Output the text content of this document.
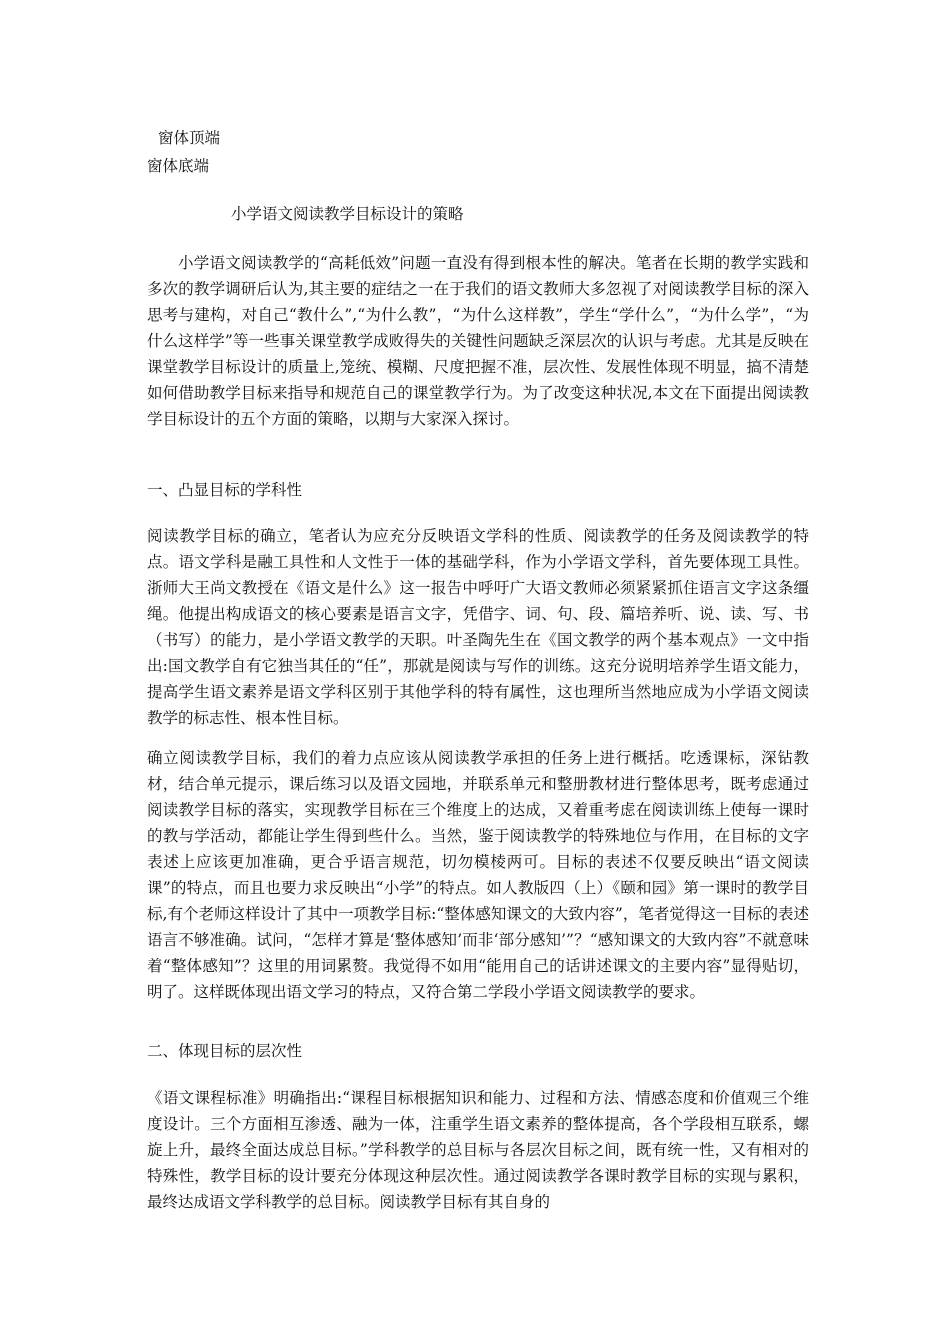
窗体顶端
窗体底端
小学语文阅读教学目标设计的策略
小学语文阅读教学的“高耗低效”问题一直没有得到根本性的解决。笔者在长期的教学实践和多次的教学调研后认为,其主要的症结之一在于我们的语文教师大多忽视了对阅读教学目标的深入思考与建构，对自己“教什么”,“为什么教”，“为什么这样教”，学生“学什么”，“为什么学”，“为什么这样学”等一些事关课堂教学成败得失的关键性问题缺乏深层次的认识与考虑。尤其是反映在课堂教学目标设计的质量上,笼统、模糊、尺度把握不准，层次性、发展性体现不明显，搞不清楚如何借助教学目标来指导和规范自己的课堂教学行为。为了改变这种状况,本文在下面提出阅读教学目标设计的五个方面的策略，以期与大家深入探讨。
一、凸显目标的学科性
阅读教学目标的确立，笔者认为应充分反映语文学科的性质、阅读教学的任务及阅读教学的特点。语文学科是融工具性和人文性于一体的基础学科，作为小学语文学科，首先要体现工具性。浙师大王尚文教授在《语文是什么》这一报告中呼吁广大语文教师必须紧紧抓住语言文字这条缰绳。他提出构成语文的核心要素是语言文字，凭借字、词、句、段、篇培养听、说、读、写、书（书写）的能力，是小学语文教学的天职。叶圣陶先生在《国文教学的两个基本观点》一文中指出:国文教学自有它独当其任的“任”，那就是阅读与写作的训练。这充分说明培养学生语文能力，提高学生语文素养是语文学科区别于其他学科的特有属性，这也理所当然地应成为小学语文阅读教学的标志性、根本性目标。
确立阅读教学目标，我们的着力点应该从阅读教学承担的任务上进行概括。吃透课标，深钻教材，结合单元提示，课后练习以及语文园地，并联系单元和整册教材进行整体思考，既考虑通过阅读教学目标的落实，实现教学目标在三个维度上的达成，又着重考虑在阅读训练上使每一课时的教与学活动，都能让学生得到些什么。当然，鉴于阅读教学的特殊地位与作用，在目标的文字表述上应该更加准确，更合乎语言规范，切勿模棱两可。目标的表述不仅要反映出“语文阅读课”的特点，而且也要力求反映出“小学”的特点。如人教版四（上）《颐和园》第一课时的教学目标,有个老师这样设计了其中一项教学目标:“整体感知课文的大致内容”，笔者觉得这一目标的表述语言不够准确。试问，“怎样才算是‘整体感知’而非‘部分感知’”？“感知课文的大致内容”不就意味着“整体感知”？这里的用词累赘。我觉得不如用“能用自己的话讲述课文的主要内容”显得贴切，明了。这样既体现出语文学习的特点，又符合第二学段小学语文阅读教学的要求。
二、体现目标的层次性
《语文课程标准》明确指出:“课程目标根据知识和能力、过程和方法、情感态度和价值观三个维度设计。三个方面相互渗透、融为一体，注重学生语文素养的整体提高，各个学段相互联系，螺旋上升，最终全面达成总目标。”学科教学的总目标与各层次目标之间，既有统一性，又有相对的特殊性，教学目标的设计要充分体现这种层次性。通过阅读教学各课时教学目标的实现与累积，最终达成语文学科教学的总目标。阅读教学目标有其自身的
